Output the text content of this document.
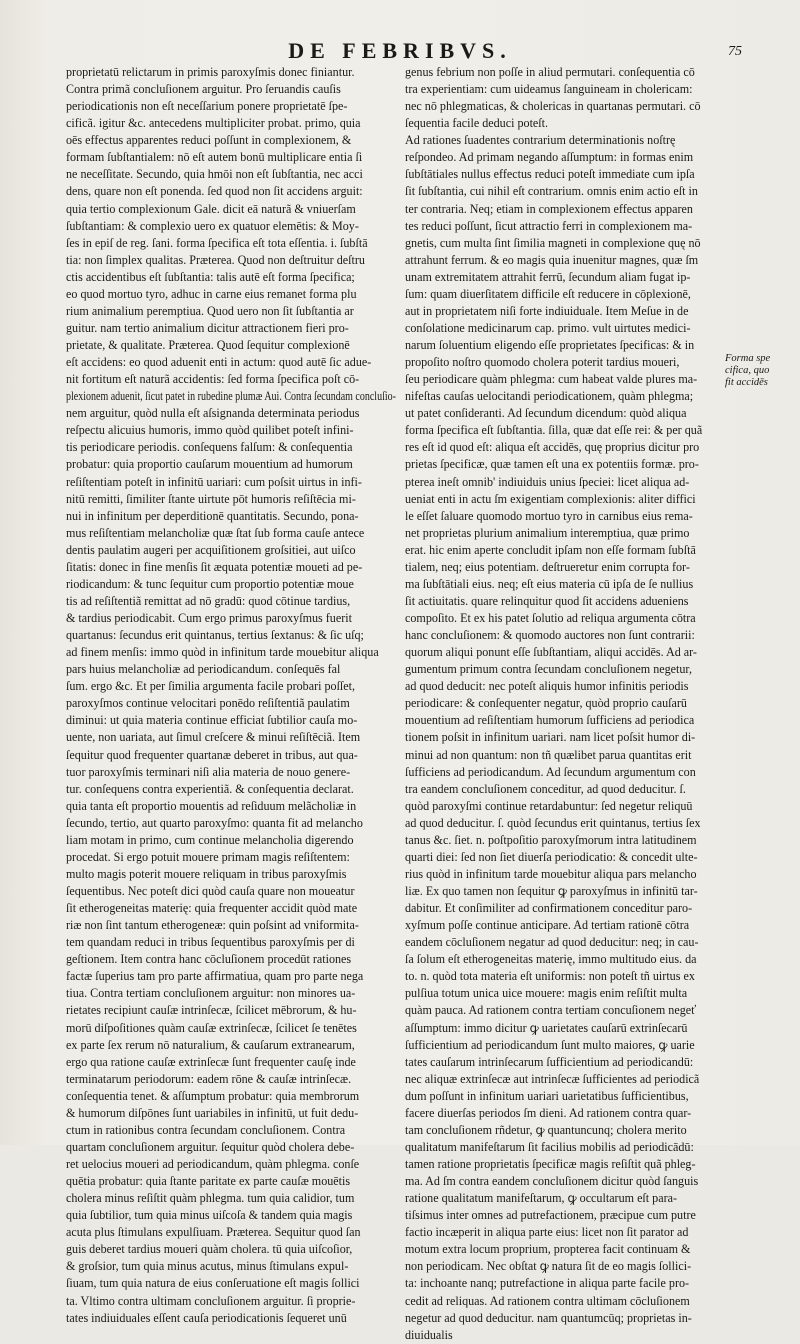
DE FEBRIBVS.	75
proprietatū relictarum in primis paroxyſmis donec finiantur.
Contra primã concluſionem arguitur. Pro ſeruandis cauſis
periodicationis non eſt neceſſarium ponere proprietatē ſpe-
cificã. igitur &c. antecedens multipliciter probat. primo, quia
oēs effectus apparentes reduci poſſunt in complexionem, &
formam ſubſtantialem: nō eſt autem bonū multiplicare entia ſi
ne neceſſitate. Secundo, quia hmōi non eſt ſubſtantia, nec acci
dens, quare non eſt ponenda. ſed quod non ſit accidens arguit:
quia tertio complexionum Gale. dicit eā naturã & vniuerſam
ſubſtantiam: & complexio uero ex quatuor elemētis: & Moy-
ſes in epiſ de reg. ſani. forma ſpecifica eſt tota eſſentia. i. ſubſtā
tia: non ſimplex qualitas. Præterea. Quod non deſtruitur deſtru
ctis accidentibus eſt ſubſtantia: talis autē eſt forma ſpecifica;
eo quod mortuo tyro, adhuc in carne eius remanet forma plu
rium animalium peremptiua. Quod uero non ſit ſubſtantia ar
guitur. nam tertio animalium dicitur attractionem fieri pro-
prietate, & qualitate. Præterea. Quod ſequitur complexionē
eſt accidens: eo quod aduenit enti in actum: quod autē ſic adue-
nit fortitum eſt naturã accidentis: ſed forma ſpecifica poſt cō-
plexionem aduenit, ſicut patet in rubedine plumæ Aui. Contra ſecundam concluſio-
nem arguitur, quòd nulla eſt aſsignanda determinata periodus
reſpectu alicuius humoris, immo quòd quilibet poteſt infini-
tis periodicare periodis. conſequens falſum: & conſequentia
probatur: quia proportio cauſarum mouentium ad humorum
reſiſtentiam poteſt in infinitū uariari: cum poſsit uirtus in infi-
nitū remitti, ſimiliter ſtante uirtute pōt humoris reſiſtēcia mi-
nui in infinitum per deperditionē quantitatis. Secundo, pona-
mus reſiſtentiam melancholiæ quæ ſtat ſub forma cauſe antece
dentis paulatim augeri per acquiſitionem groſsitiei, aut uiſco
ſitatis: donec in fine menſis ſit æquata potentiæ moueti ad pe-
riodicandum: & tunc ſequitur cum proportio potentiæ moue
tis ad reſiſtentiã remittat ad nō gradū: quod cōtinue tardius,
& tardius periodicabit. Cum ergo primus paroxyſmus fuerit
quartanus: ſecundus erit quintanus, tertius ſextanus: & ſic uſq;
ad finem menſis: immo quòd in infinitum tarde mouebitur aliqua
pars huius melancholiæ ad periodicandum. conſequēs fal
ſum. ergo &c. Et per ſimilia argumenta facile probari poſſet,
paroxyſmos continue velocitari ponēdo reſiſtentiã paulatim
diminui: ut quia materia continue efficiat ſubtilior cauſa mo-
uente, non uariata, aut ſimul creſcere & minui reſiſtēciã. Item
ſequitur quod frequenter quartanæ deberet in tribus, aut qua-
tuor paroxyſmis terminari niſi alia materia de nouo genere-
tur. conſequens contra experientiã. & conſequentia declarat.
quia tanta eſt proportio mouentis ad reſiduum melãcholiæ in
ſecundo, tertio, aut quarto paroxyſmo: quanta fit ad melancho
liam motam in primo, cum continue melancholia digerendo
procedat. Si ergo potuit mouere primam magis reſiſtentem:
multo magis poterit mouere reliquam in tribus paroxyſmis
ſequentibus. Nec poteſt dici quòd cauſa quare non moueatur
ſit etherogeneitas materię: quia frequenter accidit quòd mate
riæ non ſint tantum etherogeneæ: quin poſsint ad vniformita-
tem quandam reduci in tribus ſequentibus paroxyſmis per di
geſtionem. Item contra hanc cōcluſionem procedūt rationes
factæ ſuperius tam pro parte affirmatiua, quam pro parte nega
tiua. Contra tertiam concluſionem arguitur: non minores ua-
rietates recipiunt cauſæ intrinſecæ, ſcilicet mēbrorum, & hu-
morū diſpoſitiones quàm cauſæ extrinſecæ, ſcilicet ſe tenētes
ex parte ſex rerum nō naturalium, & cauſarum extranearum,
ergo qua ratione cauſæ extrinſecæ ſunt frequenter cauſę inde
terminatarum periodorum: eadem rōne & cauſæ intrinſecæ.
conſequentia tenet. & aſſumptum probatur: quia membrorum
& humorum diſpōnes ſunt uariabiles in infinitū, ut fuit dedu-
ctum in rationibus contra ſecundam concluſionem. Contra
quartam concluſionem arguitur. ſequitur quòd cholera debe-
ret uelocius moueri ad periodicandum, quàm phlegma. conſe
quētia probatur: quia ſtante paritate ex parte cauſæ mouētis
cholera minus reſiſtit quàm phlegma. tum quia calidior, tum
quia ſubtilior, tum quia minus uiſcoſa & tandem quia magis
acuta plus ſtimulans expulſiuam. Præterea. Sequitur quod ſan
guis deberet tardius moueri quàm cholera. tū quia uiſcoſior,
& groſsior, tum quia minus acutus, minus ſtimulans expul-
ſiuam, tum quia natura de eius conſeruatione eſt magis ſollici
ta. Vltimo contra ultimam concluſionem arguitur. ſi proprie-
tates indiuiduales eſſent cauſa periodicationis ſequeret unū
genus febrium non poſſe in aliud permutari. conſequentia cō
tra experientiam: cum uideamus ſanguineam in cholericam:
nec nō phlegmaticas, & cholericas in quartanas permutari. cō
ſequentia facile deduci poteſt.
Ad rationes ſuadentes contrarium determinationis noſtrę
reſpondeo. Ad primam negando aſſumptum: in formas enim
ſubſtātiales nullus effectus reduci poteſt immediate cum ipſa
ſit ſubſtantia, cui nihil eſt contrarium. omnis enim actio eſt in
ter contraria. Neq; etiam in complexionem effectus apparen
tes reduci poſſunt, ſicut attractio ferri in complexionem ma-
gnetis, cum multa ſint ſimilia magneti in complexione quę nō
attrahunt ferrum. & eo magis quia inuenitur magnes, quæ ſm
unam extremitatem attrahit ferrū, ſecundum aliam fugat ip-
ſum: quam diuerſitatem difficile eſt reducere in cōplexionē,
aut in proprietatem niſi forte indiuiduale. Item Meſue in de
conſolatione medicinarum cap. primo. vult uirtutes medici-
narum ſoluentium eligendo eſſe proprietates ſpecificas: & in
propoſito noſtro quomodo cholera poterit tardius moueri,
ſeu periodicare quàm phlegma: cum habeat valde plures ma-
nifeſtas cauſas uelocitandi periodicationem, quàm phlegma;
ut patet conſideranti. Ad ſecundum dicendum: quòd aliqua
forma ſpecifica eſt ſubſtantia. ſilla, quæ dat eſſe rei: & per quã
res eſt id quod eſt: aliqua eſt accidēs, quę proprius dicitur pro
prietas ſpecificæ, quæ tamen eſt una ex potentiis formæ. pro-
pterea ineſt omnib' indiuiduis unius ſpeciei: licet aliqua ad-
ueniat enti in actu ſm exigentiam complexionis: aliter diffici
le eſſet ſaluare quomodo mortuo tyro in carnibus eius rema-
net proprietas plurium animalium interemptiua, quæ primo
erat. hic enim aperte concludit ipſam non eſſe formam ſubſtā
tialem, neq; eius potentiam. deſtrueretur enim corrupta for-
ma ſubſtātiali eius. neq; eſt eius materia cū ipſa de ſe nullius
ſit actiuitatis. quare relinquitur quod ſit accidens adueniens
compoſito. Et ex his patet ſolutio ad reliqua argumenta cōtra
hanc concluſionem: & quomodo auctores non ſunt contrarii:
quorum aliqui ponunt eſſe ſubſtantiam, aliqui accidēs. Ad ar-
gumentum primum contra ſecundam concluſionem negetur,
ad quod deducit: nec poteſt aliquis humor infinitis periodis
periodicare: & conſequenter negatur, quòd proprio cauſarū
mouentium ad reſiſtentiam humorum ſufficiens ad periodica
tionem poſsit in infinitum uariari. nam licet poſsit humor di-
minui ad non quantum: non tñ quælibet parua quantitas erit
ſufficiens ad periodicandum. Ad ſecundum argumentum con
tra eandem concluſionem conceditur, ad quod deducitur. ſ.
quòd paroxyſmi continue retardabuntur: ſed negetur reliquū
ad quod deducitur. ſ. quòd ſecundus erit quintanus, tertius ſex
tanus &c. ſiet. n. poſtpoſitio paroxyſmorum intra latitudinem
quarti diei: ſed non ſiet diuerſa periodicatio: & concedit ulte-
rius quòd in infinitum tarde mouebitur aliqua pars melancho
liæ. Ex quo tamen non ſequitur ꝙ paroxyſmus in infinitū tar-
dabitur. Et conſimiliter ad confirmationem conceditur paro-
xyſmum poſſe continue anticipare. Ad tertiam rationē cōtra
eandem cōcluſionem negatur ad quod deducitur: neq; in cau-
ſa ſolum eſt etherogeneitas materię, immo multitudo eius. da
to. n. quòd tota materia eſt uniformis: non poteſt tñ uirtus ex
pulſiua totum unica uice mouere: magis enim reſiſtit multa
quàm pauca. Ad rationem contra tertiam concuſionem negeť
aſſumptum: immo dicitur ꝙ uarietates cauſarū extrinſecarū
ſufficientium ad periodicandum ſunt multo maiores, ꝙ uarie
tates cauſarum intrinſecarum ſufficientium ad periodicandū:
nec aliquæ extrinſecæ aut intrinſecæ ſufficientes ad periodicã
dum poſſunt in infinitum uariari uarietatibus ſufficientibus,
facere diuerſas periodos ſm dieni. Ad rationem contra quar-
tam concluſionem rñdetur, ꝙ quantuncunq; cholera merito
qualitatum manifeſtarum ſit facilius mobilis ad periodicādū:
tamen ratione proprietatis ſpecificæ magis reſiſtit quã phleg-
ma. Ad ſm contra eandem concluſionem dicitur quòd ſanguis
ratione qualitatum manifeſtarum, ꝙ occultarum eſt para-
tiſsimus inter omnes ad putrefactionem, præcipue cum putre
factio incæperit in aliqua parte eius: licet non ſit parator ad
motum extra locum proprium, propterea facit continuam &
non periodicam. Nec obſtat ꝙ natura ſit de eo magis ſollici-
ta: inchoante nanq; putrefactione in aliqua parte facile pro-
cedit ad reliquas. Ad rationem contra ultimam cōcluſionem
negetur ad quod deducitur. nam quantumcūq; proprietas in-
diuidualis
Forma spe
cifica, quo
fit accidēs
